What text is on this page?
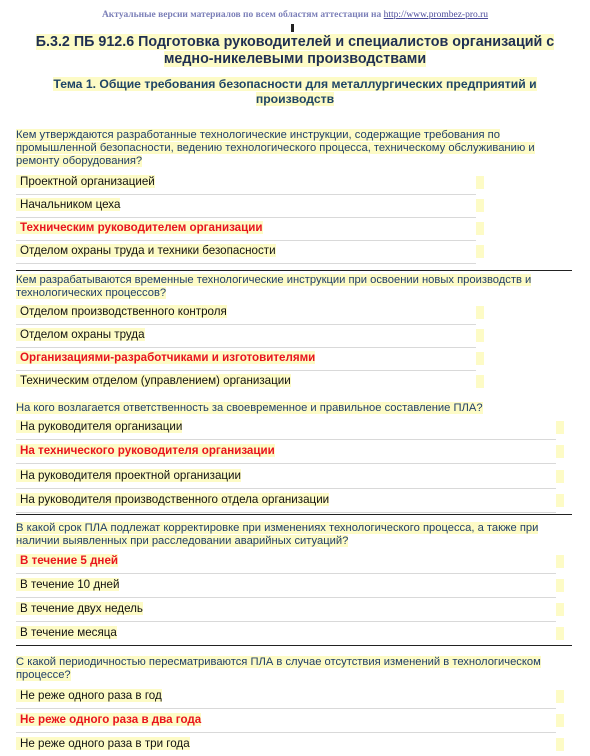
Актуальные версии материалов по всем областям аттестации на http://www.prombez-pro.ru
Б.3.2 ПБ 912.6 Подготовка руководителей и специалистов организаций с медно-никелевыми производствами
Тема 1. Общие требования безопасности для металлургических предприятий и производств
Кем утверждаются разработанные технологические инструкции, содержащие требования по промышленной безопасности, ведению технологического процесса, техническому обслуживанию и ремонту оборудования?
Проектной организацией
Начальником цеха
Техническим руководителем организации
Отделом охраны труда и техники безопасности
Кем разрабатываются временные технологические инструкции при освоении новых производств и технологических процессов?
Отделом производственного контроля
Отделом охраны труда
Организациями-разработчиками и изготовителями
Техническим отделом (управлением) организации
На кого возлагается ответственность за своевременное и правильное составление ПЛА?
На руководителя организации
На технического руководителя организации
На руководителя проектной организации
На руководителя производственного отдела организации
В какой срок ПЛА подлежат корректировке при изменениях технологического процесса, а также при наличии выявленных при расследовании аварийных ситуаций?
В течение 5 дней
В течение 10 дней
В течение двух недель
В течение месяца
С какой периодичностью пересматриваются ПЛА в случае отсутствия изменений в технологическом процессе?
Не реже одного раза в год
Не реже одного раза в два года
Не реже одного раза в три года
